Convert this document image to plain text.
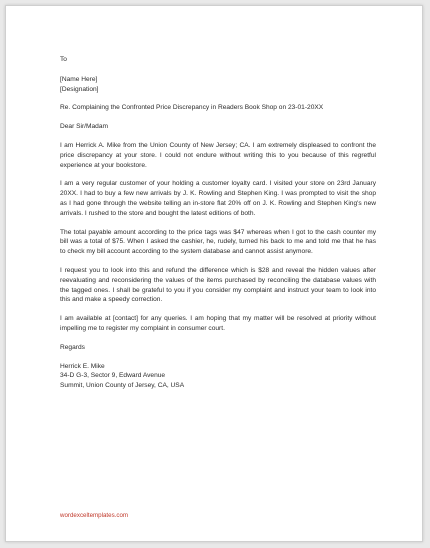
To
[Name Here]
[Designation]
Re. Complaining the Confronted Price Discrepancy in Readers Book Shop on 23-01-20XX
Dear Sir/Madam

I am Herrick A. Mike from the Union County of New Jersey; CA. I am extremely displeased to confront the price discrepancy at your store. I could not endure without writing this to you because of this regretful experience at your bookstore.

I am a very regular customer of your holding a customer loyalty card. I visited your store on 23rd January 20XX. I had to buy a few new arrivals by J. K. Rowling and Stephen King. I was prompted to visit the shop as I had gone through the website telling an in-store flat 20% off on J. K. Rowling and Stephen King's new arrivals. I rushed to the store and bought the latest editions of both.

The total payable amount according to the price tags was $47 whereas when I got to the cash counter my bill was a total of $75. When I asked the cashier, he, rudely, turned his back to me and told me that he has to check my bill account according to the system database and cannot assist anymore.

I request you to look into this and refund the difference which is $28 and reveal the hidden values after reevaluating and reconsidering the values of the items purchased by reconciling the database values with the tagged ones. I shall be grateful to you if you consider my complaint and instruct your team to look into this and make a speedy correction.

I am available at [contact] for any queries. I am hoping that my matter will be resolved at priority without impelling me to register my complaint in consumer court.

Regards
Herrick E. Mike
34-D G-3, Sector 9, Edward Avenue
Summit, Union County of Jersey, CA, USA
wordexceltemplates.com
